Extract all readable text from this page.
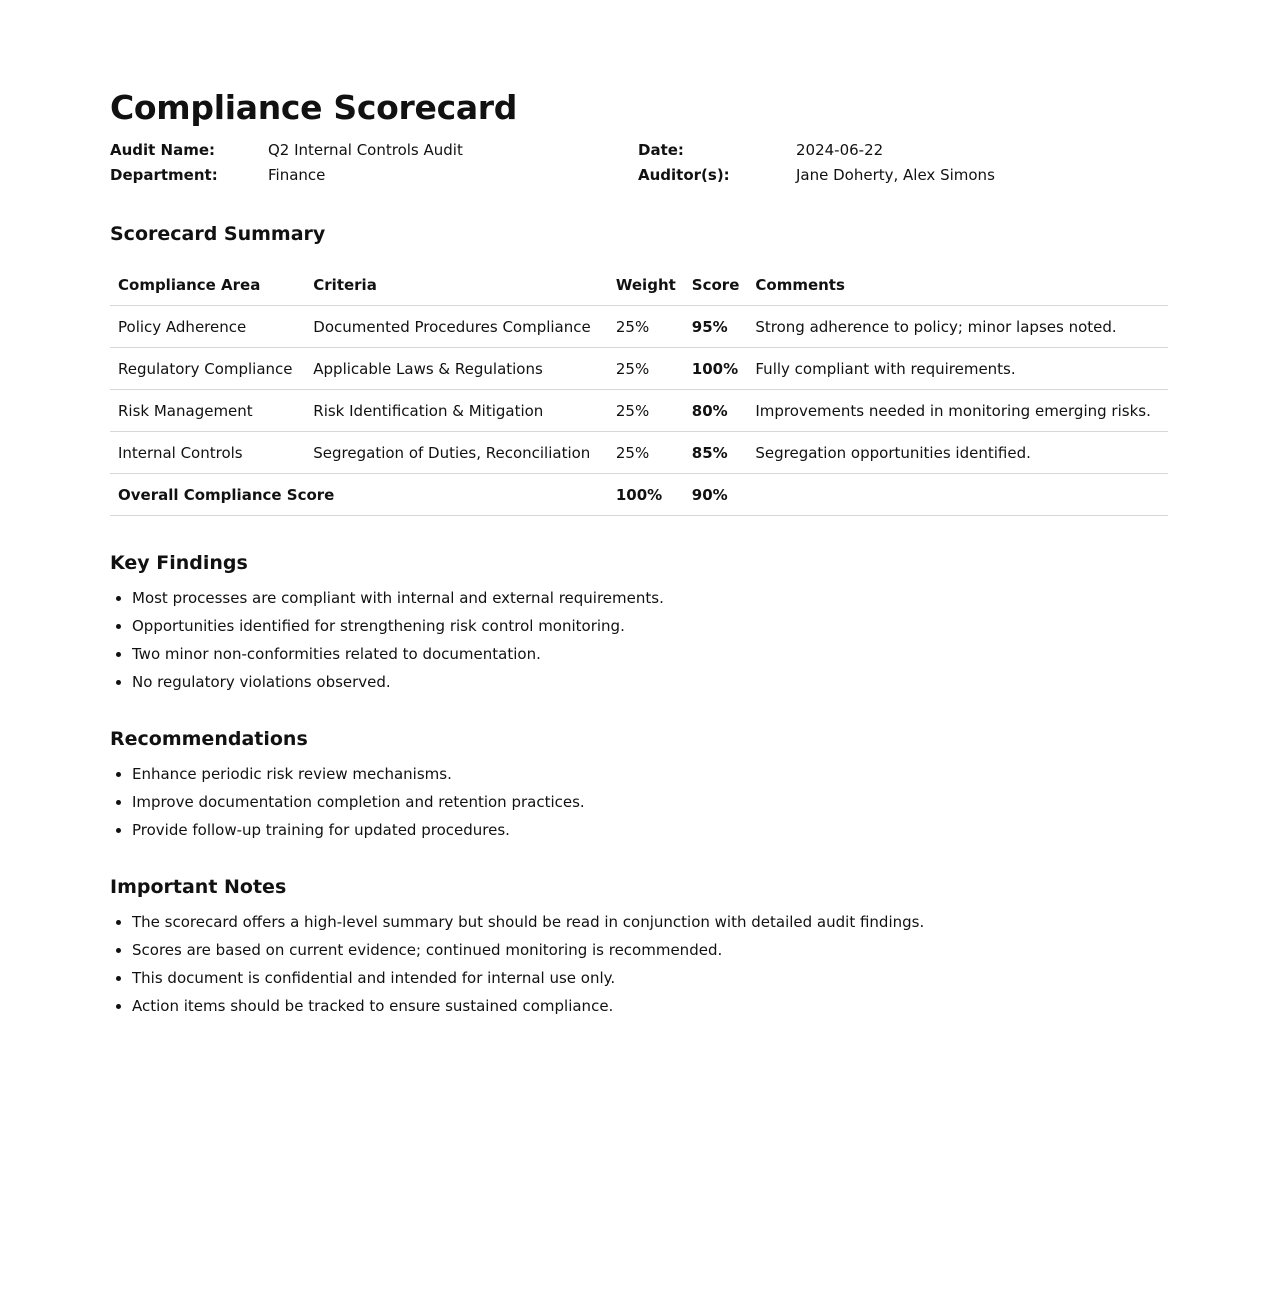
Compliance Scorecard
Audit Name:	Q2 Internal Controls Audit	Date:	2024-06-22
Department:	Finance	Auditor(s):	Jane Doherty, Alex Simons
Scorecard Summary
Compliance Area	Criteria	Weight	Score	Comments
Policy Adherence	Documented Procedures Compliance	25%	95%	Strong adherence to policy; minor lapses noted.
Regulatory Compliance	Applicable Laws & Regulations	25%	100%	Fully compliant with requirements.
Risk Management	Risk Identification & Mitigation	25%	80%	Improvements needed in monitoring emerging risks.
Internal Controls	Segregation of Duties, Reconciliation	25%	85%	Segregation opportunities identified.
Overall Compliance Score		100%	90%	
Key Findings
• Most processes are compliant with internal and external requirements.
• Opportunities identified for strengthening risk control monitoring.
• Two minor non-conformities related to documentation.
• No regulatory violations observed.
Recommendations
• Enhance periodic risk review mechanisms.
• Improve documentation completion and retention practices.
• Provide follow-up training for updated procedures.
Important Notes
• The scorecard offers a high-level summary but should be read in conjunction with detailed audit findings.
• Scores are based on current evidence; continued monitoring is recommended.
• This document is confidential and intended for internal use only.
• Action items should be tracked to ensure sustained compliance.
